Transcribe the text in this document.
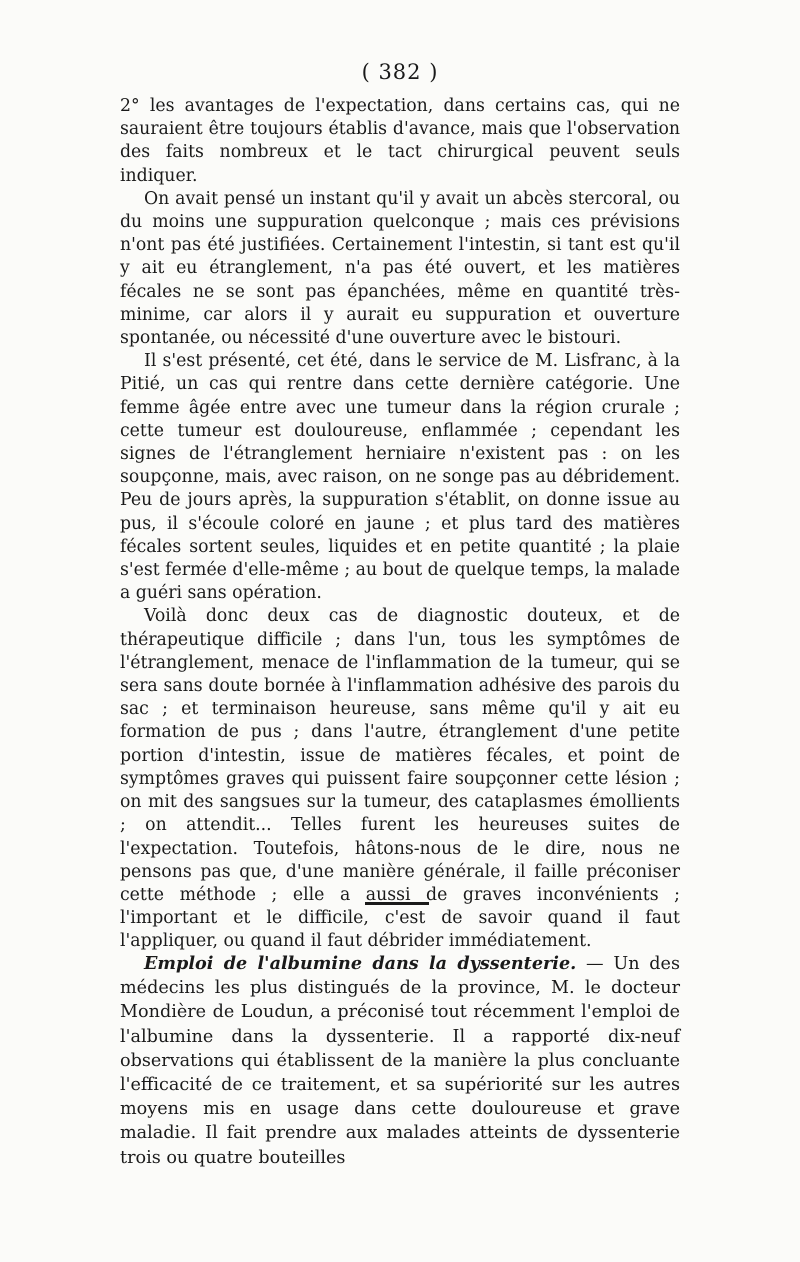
( 382 )

2° les avantages de l'expectation, dans certains cas, qui ne sauraient être toujours établis d'avance, mais que l'observation des faits nombreux et le tact chirurgical peuvent seuls indiquer.

On avait pensé un instant qu'il y avait un abcès stercoral, ou du moins une suppuration quelconque ; mais ces prévisions n'ont pas été justifiées. Certainement l'intestin, si tant est qu'il y ait eu étranglement, n'a pas été ouvert, et les matières fécales ne se sont pas épanchées, même en quantité très-minime, car alors il y aurait eu suppuration et ouverture spontanée, ou nécessité d'une ouverture avec le bistouri.

Il s'est présenté, cet été, dans le service de M. Lisfranc, à la Pitié, un cas qui rentre dans cette dernière catégorie. Une femme âgée entre avec une tumeur dans la région crurale ; cette tumeur est douloureuse, enflammée ; cependant les signes de l'étranglement herniaire n'existent pas : on les soupçonne, mais, avec raison, on ne songe pas au débridement. Peu de jours après, la suppuration s'établit, on donne issue au pus, il s'écoule coloré en jaune ; et plus tard des matières fécales sortent seules, liquides et en petite quantité ; la plaie s'est fermée d'elle-même ; au bout de quelque temps, la malade a guéri sans opération.

Voilà donc deux cas de diagnostic douteux, et de thérapeutique difficile ; dans l'un, tous les symptômes de l'étranglement, menace de l'inflammation de la tumeur, qui se sera sans doute bornée à l'inflammation adhésive des parois du sac ; et terminaison heureuse, sans même qu'il y ait eu formation de pus ; dans l'autre, étranglement d'une petite portion d'intestin, issue de matières fécales, et point de symptômes graves qui puissent faire soupçonner cette lésion ; on mit des sangsues sur la tumeur, des cataplasmes émollients ; on attendit... Telles furent les heureuses suites de l'expectation. Toutefois, hâtons-nous de le dire, nous ne pensons pas que, d'une manière générale, il faille préconiser cette méthode ; elle a aussi de graves inconvénients ; l'important et le difficile, c'est de savoir quand il faut l'appliquer, ou quand il faut débrider immédiatement.

Emploi de l'albumine dans la dyssenterie. — Un des médecins les plus distingués de la province, M. le docteur Mondière de Loudun, a préconisé tout récemment l'emploi de l'albumine dans la dyssenterie. Il a rapporté dix-neuf observations qui établissent de la manière la plus concluante l'efficacité de ce traitement, et sa supériorité sur les autres moyens mis en usage dans cette douloureuse et grave maladie. Il fait prendre aux malades atteints de dyssenterie trois ou quatre bouteilles
